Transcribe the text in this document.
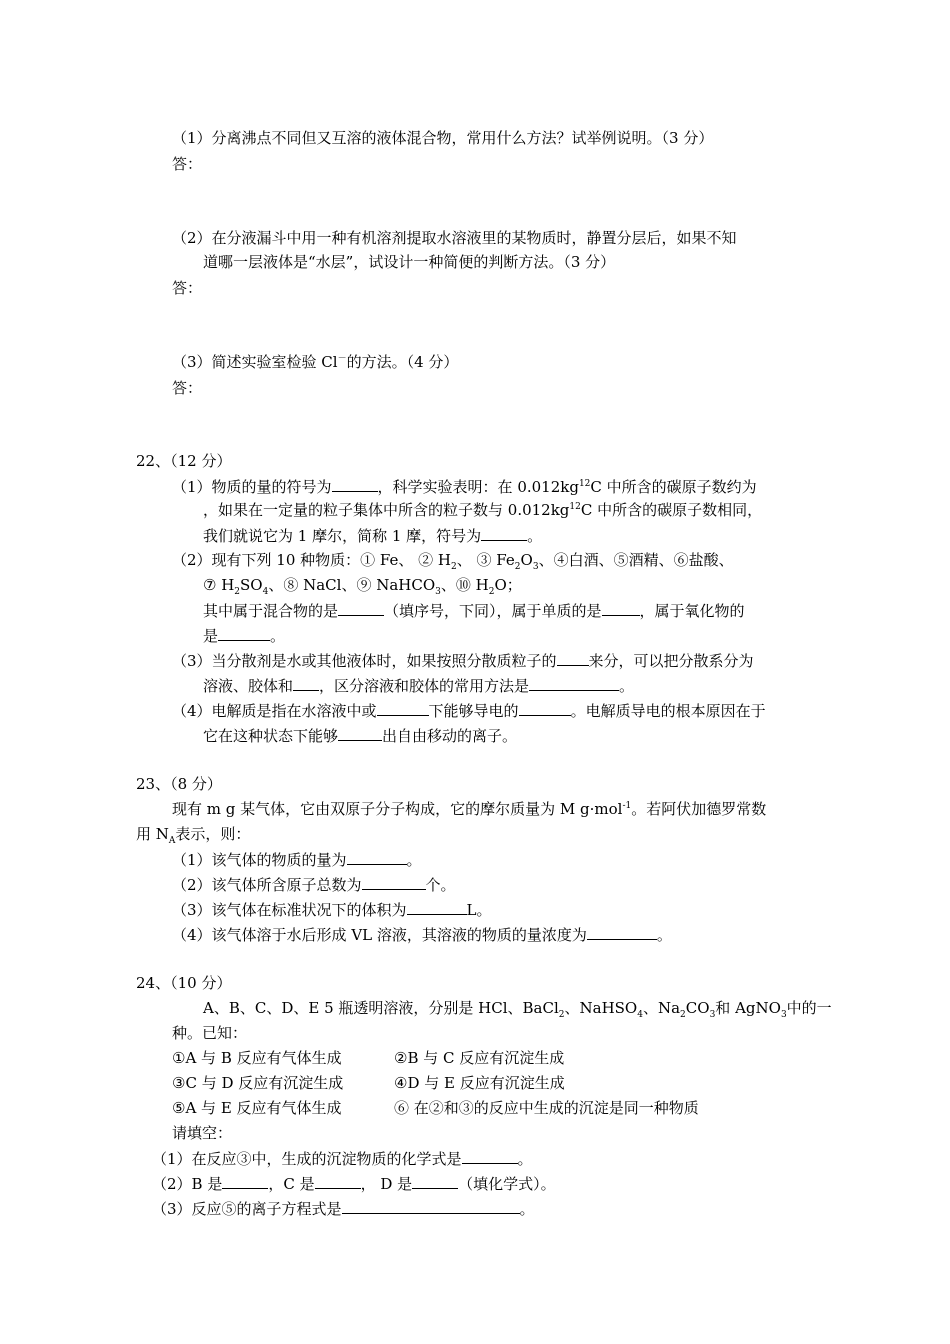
（1）分离沸点不同但又互溶的液体混合物，常用什么方法？试举例说明。（3 分）
答：
（2）在分液漏斗中用一种有机溶剂提取水溶液里的某物质时，静置分层后，如果不知
道哪一层液体是“水层”，试设计一种简便的判断方法。（3 分）
答：
（3）简述实验室检验 Cl－的方法。（4 分）
答：
22、（12 分）
（1）物质的量的符号为	，科学实验表明：在 $0.012kg^{12}C$ 中所含的碳原子数约为
，如果在一定量的粒子集体中所含的粒子数与 $0.012kg^{12}C$ 中所含的碳原子数相同，
我们就说它为 1 摩尔，简称 1 摩，符号为	。
（2）现有下列 10 种物质：① Fe、 ② $H_2$、 ③ $Fe_2O_3$、④白酒、⑤酒精、⑥盐酸、
⑦ $H_2SO_4$、⑧ NaCl、⑨ NaHCO$_3$、⑩ $H_2O$；
其中属于混合物的是	（填序号，下同），属于单质的是	，属于氧化物的
是	。
（3）当分散剂是水或其他液体时，如果按照分散质粒子的 来分，可以把分散系分为
溶液、胶体和 ，区分溶液和胶体的常用方法是	。
（4）电解质是指在水溶液中或	下能够导电的	。电解质导电的根本原因在于
它在这种状态下能够	出自由移动的离子。
23、（8 分）
现有 m g 某气体，它由双原子分子构成，它的摩尔质量为 M g·mol$^{-1}$。若阿伏加德罗常数
用 $N_A$表示，则：
（1）该气体的物质的量为	。
（2）该气体所含原子总数为	个。
（3）该气体在标准状况下的体积为	L。
（4）该气体溶于水后形成 VL 溶液，其溶液的物质的量浓度为	。
24、（10 分）
A、B、C、D、E 5 瓶透明溶液，分别是 HCl、BaCl$_2$、NaHSO$_4$、$Na_2CO_3$和 AgNO$_3$中的一
种。已知：
①A 与 B 反应有气体生成	②B 与 C 反应有沉淀生成
③C 与 D 反应有沉淀生成	④D 与 E 反应有沉淀生成
⑤A 与 E 反应有气体生成	⑥ 在②和③的反应中生成的沉淀是同一种物质
请填空：
（1）在反应③中，生成的沉淀物质的化学式是	。
（2）B 是	，C 是	， D 是	（填化学式）。
（3）反应⑤的离子方程式是	。
